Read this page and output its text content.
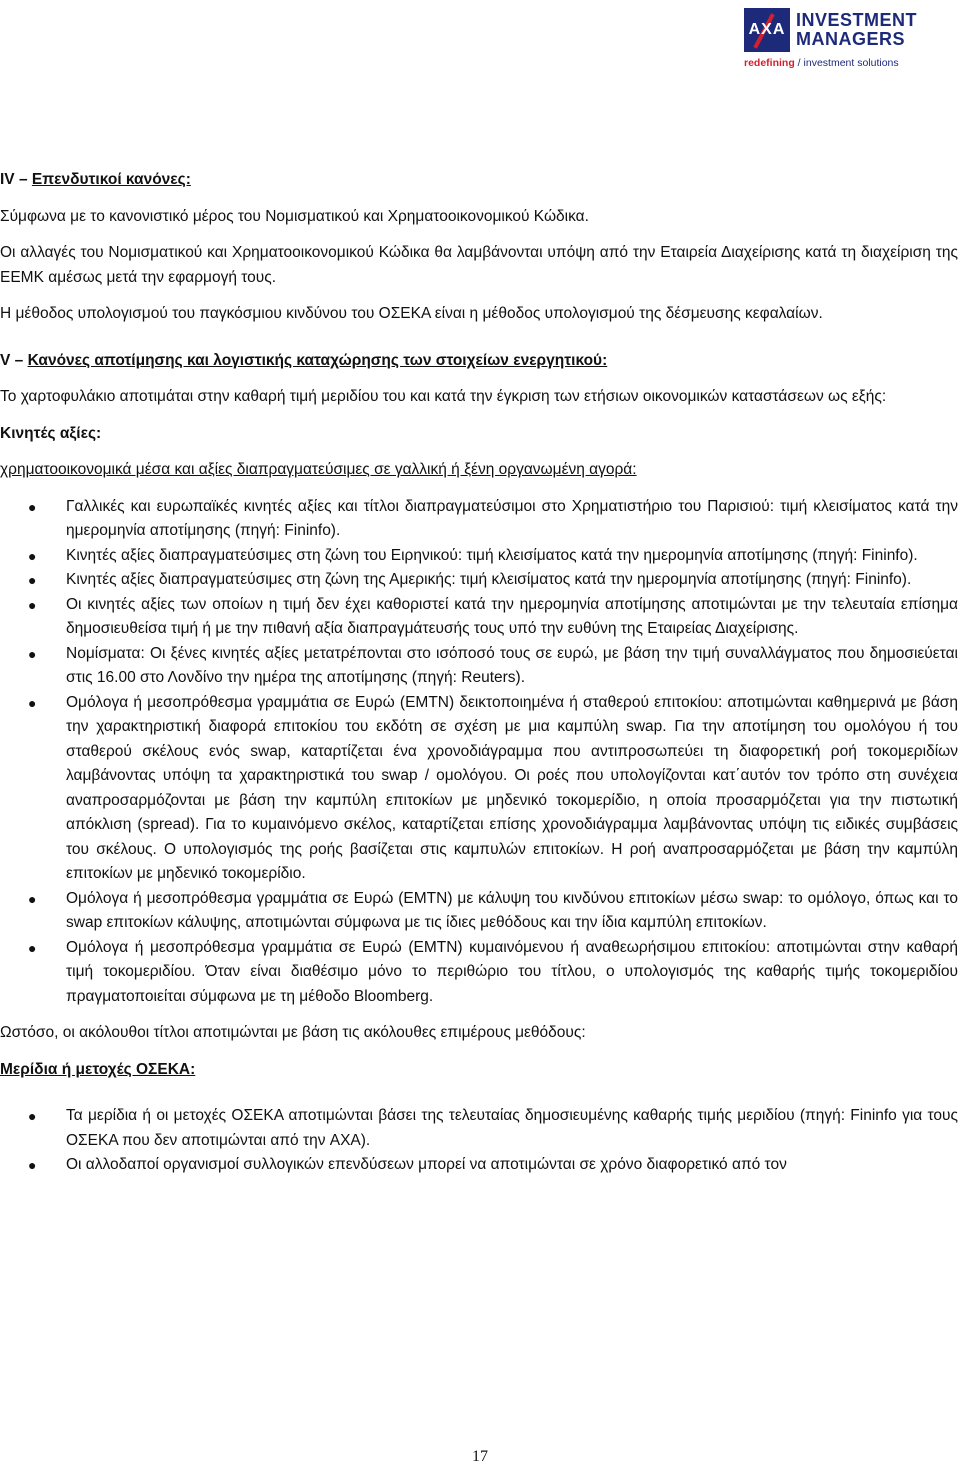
AXA INVESTMENT
MANAGERS
redefining / investment solutions

IV – Επενδυτικοί κανόνες:

Σύμφωνα με το κανονιστικό μέρος του Νομισματικού και Χρηματοοικονομικού Κώδικα.

Οι αλλαγές του Νομισματικού και Χρηματοοικονομικού Κώδικα θα λαμβάνονται υπόψη από την Εταιρεία Διαχείρισης κατά τη διαχείριση της ΕΕΜΚ αμέσως μετά την εφαρμογή τους.

Η μέθοδος υπολογισμού του παγκόσμιου κινδύνου του ΟΣΕΚΑ είναι η μέθοδος υπολογισμού της δέσμευσης κεφαλαίων.

V – Κανόνες αποτίμησης και λογιστικής καταχώρησης των στοιχείων ενεργητικού:

Το χαρτοφυλάκιο αποτιμάται στην καθαρή τιμή μεριδίου του και κατά την έγκριση των ετήσιων οικονομικών καταστάσεων ως εξής:

Κινητές αξίες:

χρηματοοικονομικά μέσα και αξίες διαπραγματεύσιμες σε γαλλική ή ξένη οργανωμένη αγορά:

● Γαλλικές και ευρωπαϊκές κινητές αξίες και τίτλοι διαπραγματεύσιμοι στο Χρηματιστήριο του Παρισιού: τιμή κλεισίματος κατά την ημερομηνία αποτίμησης (πηγή: Fininfo).
● Κινητές αξίες διαπραγματεύσιμες στη ζώνη του Ειρηνικού: τιμή κλεισίματος κατά την ημερομηνία αποτίμησης (πηγή: Fininfo).
● Κινητές αξίες διαπραγματεύσιμες στη ζώνη της Αμερικής: τιμή κλεισίματος κατά την ημερομηνία αποτίμησης (πηγή: Fininfo).
● Οι κινητές αξίες των οποίων η τιμή δεν έχει καθοριστεί κατά την ημερομηνία αποτίμησης αποτιμώνται με την τελευταία επίσημα δημοσιευθείσα τιμή ή με την πιθανή αξία διαπραγμάτευσής τους υπό την ευθύνη της Εταιρείας Διαχείρισης.
● Νομίσματα: Οι ξένες κινητές αξίες μετατρέπονται στο ισόποσό τους σε ευρώ, με βάση την τιμή συναλλάγματος που δημοσιεύεται στις 16.00 στο Λονδίνο την ημέρα της αποτίμησης (πηγή: Reuters).
● Ομόλογα ή μεσοπρόθεσμα γραμμάτια σε Ευρώ (EMTN) δεικτοποιημένα ή σταθερού επιτοκίου: αποτιμώνται καθημερινά με βάση την χαρακτηριστική διαφορά επιτοκίου του εκδότη σε σχέση με μια καμπύλη swap. Για την αποτίμηση του ομολόγου ή του σταθερού σκέλους ενός swap, καταρτίζεται ένα χρονοδιάγραμμα που αντιπροσωπεύει τη διαφορετική ροή τοκομεριδίων λαμβάνοντας υπόψη τα χαρακτηριστικά του swap / ομολόγου. Οι ροές που υπολογίζονται κατ΄αυτόν τον τρόπο στη συνέχεια αναπροσαρμόζονται με βάση την καμπύλη επιτοκίων με μηδενικό τοκομερίδιο, η οποία προσαρμόζεται για την πιστωτική απόκλιση (spread). Για το κυμαινόμενο σκέλος, καταρτίζεται επίσης χρονοδιάγραμμα λαμβάνοντας υπόψη τις ειδικές συμβάσεις του σκέλους. Ο υπολογισμός της ροής βασίζεται στις καμπυλών επιτοκίων. Η ροή αναπροσαρμόζεται με βάση την καμπύλη επιτοκίων με μηδενικό τοκομερίδιο.
● Ομόλογα ή μεσοπρόθεσμα γραμμάτια σε Ευρώ (EMTN) με κάλυψη του κινδύνου επιτοκίων μέσω swap: το ομόλογο, όπως και το swap επιτοκίων κάλυψης, αποτιμώνται σύμφωνα με τις ίδιες μεθόδους και την ίδια καμπύλη επιτοκίων.
● Ομόλογα ή μεσοπρόθεσμα γραμμάτια σε Ευρώ (EMTN) κυμαινόμενου ή αναθεωρήσιμου επιτοκίου: αποτιμώνται στην καθαρή τιμή τοκομεριδίου. Όταν είναι διαθέσιμο μόνο το περιθώριο του τίτλου, ο υπολογισμός της καθαρής τιμής τοκομεριδίου πραγματοποιείται σύμφωνα με τη μέθοδο Bloomberg.

Ωστόσο, οι ακόλουθοι τίτλοι αποτιμώνται με βάση τις ακόλουθες επιμέρους μεθόδους:

Μερίδια ή μετοχές ΟΣΕΚΑ:

● Τα μερίδια ή οι μετοχές ΟΣΕΚΑ αποτιμώνται βάσει της τελευταίας δημοσιευμένης καθαρής τιμής μεριδίου (πηγή: Fininfo για τους ΟΣΕΚΑ που δεν αποτιμώνται από την AXA).
● Οι αλλοδαποί οργανισμοί συλλογικών επενδύσεων μπορεί να αποτιμώνται σε χρόνο διαφορετικό από τον
17
